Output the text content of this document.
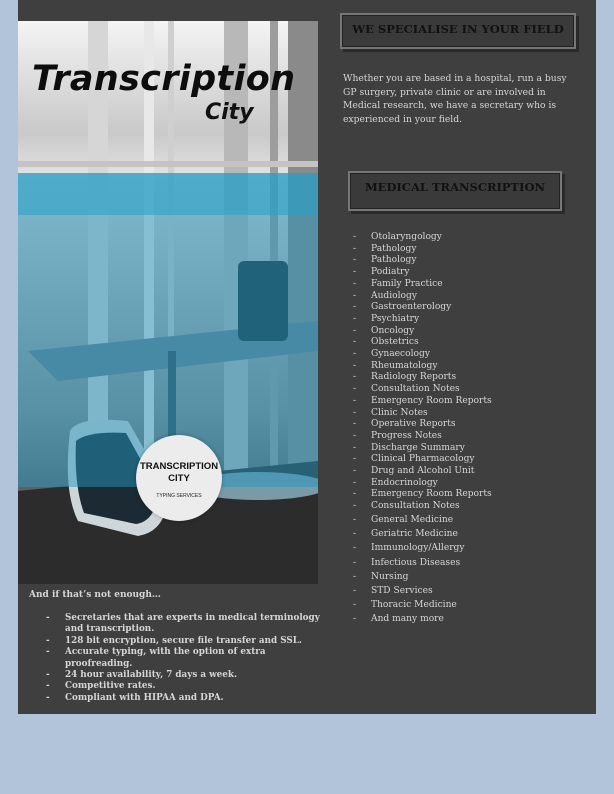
Transcription
City
TRANSCRIPTION CITY
TYPING SERVICES
WE SPECIALISE IN YOUR FIELD

Whether you are based in a hospital, run a busy GP surgery, private clinic or are involved in Medical research, we have a secretary who is experienced in your field.

MEDICAL TRANSCRIPTION
- Otolaryngology
- Pathology
- Pathology
- Podiatry
- Family Practice
- Audiology
- Gastroenterology
- Psychiatry
- Oncology
- Obstetrics
- Gynaecology
- Rheumatology
- Radiology Reports
- Consultation Notes
- Emergency Room Reports
- Clinic Notes
- Operative Reports
- Progress Notes
- Discharge Summary
- Clinical Pharmacology
- Drug and Alcohol Unit
- Endocrinology
- Emergency Room Reports
- Consultation Notes
- General Medicine
- Geriatric Medicine
- Immunology/Allergy
- Infectious Diseases
- Nursing
- STD Services
- Thoracic Medicine
- And many more
And if that’s not enough…
- Secretaries that are experts in medical terminology and transcription.
- 128 bit encryption, secure file transfer and SSL.
- Accurate typing, with the option of extra proofreading.
- 24 hour availability, 7 days a week.
- Competitive rates.
- Compliant with HIPAA and DPA.
